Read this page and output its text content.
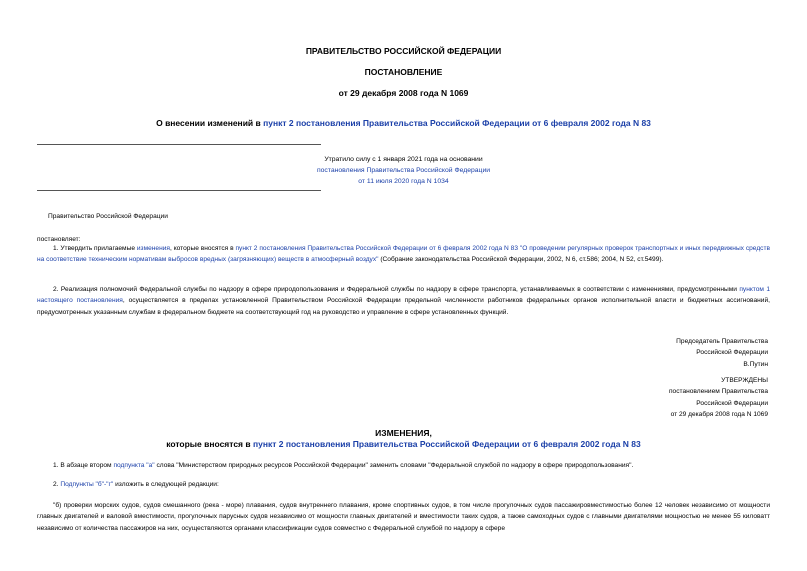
ПРАВИТЕЛЬСТВО РОССИЙСКОЙ ФЕДЕРАЦИИ
ПОСТАНОВЛЕНИЕ
от 29 декабря 2008 года N 1069
О внесении изменений в пункт 2 постановления Правительства Российской Федерации от 6 февраля 2002 года N 83
Утратило силу с 1 января 2021 года на основании
постановления Правительства Российской Федерации
от 11 июля 2020 года N 1034
Правительство Российской Федерации
постановляет:
1. Утвердить прилагаемые изменения, которые вносятся в пункт 2 постановления Правительства Российской Федерации от 6 февраля 2002 года N 83 "О проведении регулярных проверок транспортных и иных передвижных средств на соответствие техническим нормативам выбросов вредных (загрязняющих) веществ в атмосферный воздух" (Собрание законодательства Российской Федерации, 2002, N 6, ст.586; 2004, N 52, ст.5499).
2. Реализация полномочий Федеральной службы по надзору в сфере природопользования и Федеральной службы по надзору в сфере транспорта, устанавливаемых в соответствии с изменениями, предусмотренными пунктом 1 настоящего постановления, осуществляется в пределах установленной Правительством Российской Федерации предельной численности работников федеральных органов исполнительной власти и бюджетных ассигнований, предусмотренных указанным службам в федеральном бюджете на соответствующий год на руководство и управление в сфере установленных функций.
Председатель Правительства
Российской Федерации
В.Путин
УТВЕРЖДЕНЫ
постановлением Правительства
Российской Федерации
от 29 декабря 2008 года N 1069
ИЗМЕНЕНИЯ,
которые вносятся в пункт 2 постановления Правительства Российской Федерации от 6 февраля 2002 года N 83
1. В абзаце втором подпункта "а" слова "Министерством природных ресурсов Российской Федерации" заменить словами "Федеральной службой по надзору в сфере природопользования".
2. Подпункты "б"-"г" изложить в следующей редакции:
"б) проверки морских судов, судов смешанного (река - море) плавания, судов внутреннего плавания, кроме спортивных судов, в том числе прогулочных судов пассажировместимостью более 12 человек независимо от мощности главных двигателей и валовой вместимости, прогулочных парусных судов независимо от мощности главных двигателей и вместимости таких судов, а также самоходных судов с главными двигателями мощностью не менее 55 киловатт независимо от количества пассажиров на них, осуществляются органами классификации судов совместно с Федеральной службой по надзору в сфере
